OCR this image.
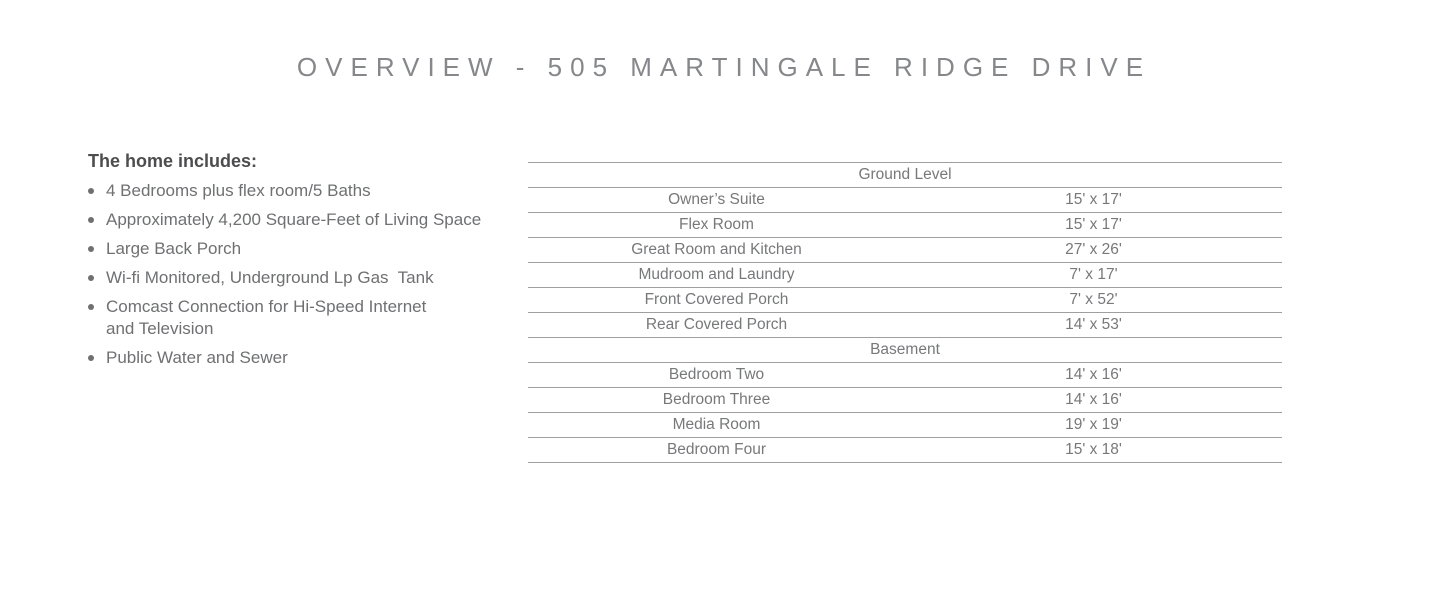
OVERVIEW - 505 MARTINGALE RIDGE DRIVE
The home includes:
4 Bedrooms plus flex room/5 Baths
Approximately 4,200 Square-Feet of Living Space
Large Back Porch
Wi-fi Monitored, Underground Lp Gas  Tank
Comcast Connection for Hi-Speed Internet
and Television
Public Water and Sewer
Ground Level
Owner’s Suite	15' x 17'
Flex Room	15' x 17'
Great Room and Kitchen	27' x 26'
Mudroom and Laundry	7' x 17'
Front Covered Porch	7' x 52'
Rear Covered Porch	14' x 53'
Basement
Bedroom Two	14' x 16'
Bedroom Three	14' x 16'
Media Room	19' x 19'
Bedroom Four	15' x 18'
